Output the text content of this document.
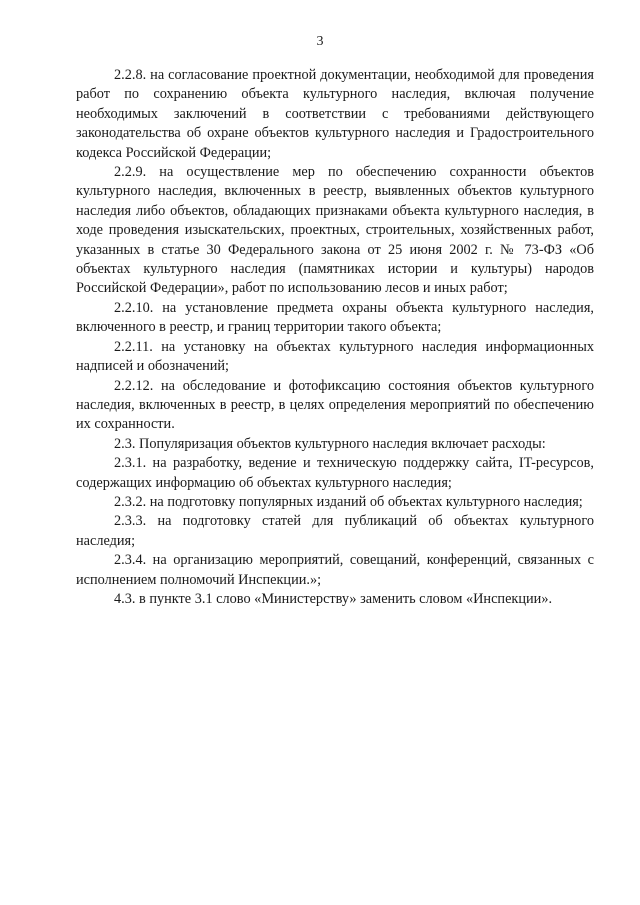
3

2.2.8. на согласование проектной документации, необходимой для проведения работ по сохранению объекта культурного наследия, включая получение необходимых заключений в соответствии с требованиями действующего законодательства об охране объектов культурного наследия и Градостроительного кодекса Российской Федерации;

2.2.9. на осуществление мер по обеспечению сохранности объектов культурного наследия, включенных в реестр, выявленных объектов культурного наследия либо объектов, обладающих признаками объекта культурного наследия, в ходе проведения изыскательских, проектных, строительных, хозяйственных работ, указанных в статье 30 Федерального закона от 25 июня 2002 г. № 73-ФЗ «Об объектах культурного наследия (памятниках истории и культуры) народов Российской Федерации», работ по использованию лесов и иных работ;

2.2.10. на установление предмета охраны объекта культурного наследия, включенного в реестр, и границ территории такого объекта;

2.2.11. на установку на объектах культурного наследия информационных надписей и обозначений;

2.2.12. на обследование и фотофиксацию состояния объектов культурного наследия, включенных в реестр, в целях определения мероприятий по обеспечению их сохранности.

2.3. Популяризация объектов культурного наследия включает расходы:

2.3.1. на разработку, ведение и техническую поддержку сайта, IT-ресурсов, содержащих информацию об объектах культурного наследия;

2.3.2. на подготовку популярных изданий об объектах культурного наследия;

2.3.3. на подготовку статей для публикаций об объектах культурного наследия;

2.3.4. на организацию мероприятий, совещаний, конференций, связанных с исполнением полномочий Инспекции.»;

4.3. в пункте 3.1 слово «Министерству» заменить словом «Инспекции».
